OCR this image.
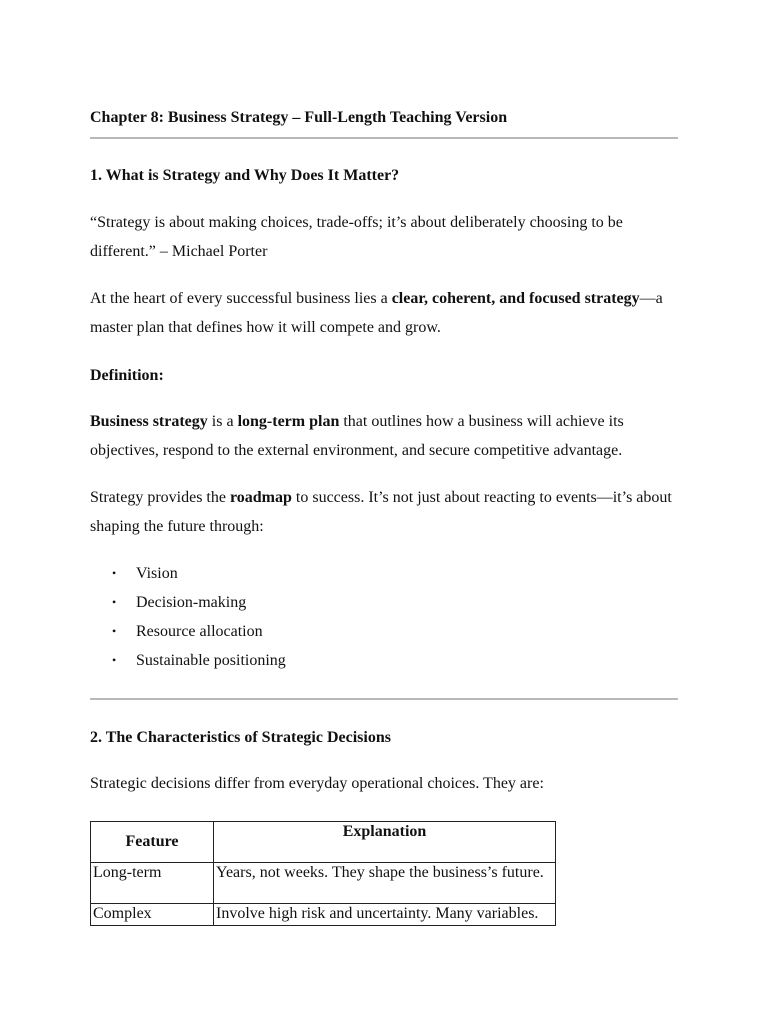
Chapter 8: Business Strategy – Full-Length Teaching Version
1. What is Strategy and Why Does It Matter?
“Strategy is about making choices, trade-offs; it’s about deliberately choosing to be different.” – Michael Porter
At the heart of every successful business lies a clear, coherent, and focused strategy—a master plan that defines how it will compete and grow.
Definition:
Business strategy is a long-term plan that outlines how a business will achieve its objectives, respond to the external environment, and secure competitive advantage.
Strategy provides the roadmap to success. It’s not just about reacting to events—it’s about shaping the future through:
• Vision
• Decision-making
• Resource allocation
• Sustainable positioning
2. The Characteristics of Strategic Decisions
Strategic decisions differ from everyday operational choices. They are:
Feature	Explanation
Long-term	Years, not weeks. They shape the business’s future.
Complex	Involve high risk and uncertainty. Many variables.
